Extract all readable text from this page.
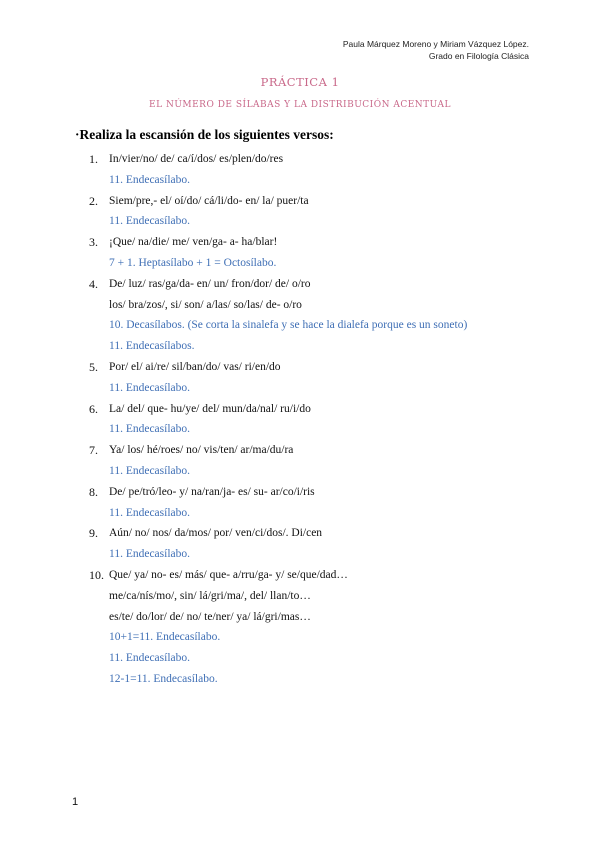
Paula Márquez Moreno y Miriam Vázquez López.
Grado en Filología Clásica
PRÁCTICA 1
EL NÚMERO DE SÍLABAS Y LA DISTRIBUCIÓN ACENTUAL
·Realiza la escansión de los siguientes versos:
1. In/vier/no/ de/ ca/í/dos/ es/plen/do/res
11. Endecasílabo.
2. Siem/pre,- el/ oí/do/ cá/li/do- en/ la/ puer/ta
11. Endecasílabo.
3. ¡Que/ na/die/ me/ ven/ga- a- ha/blar!
7 + 1. Heptasílabo + 1 = Octosílabo.
4. De/ luz/ ras/ga/da- en/ un/ fron/dor/ de/ o/ro
los/ bra/zos/, si/ son/ a/las/ so/las/ de- o/ro
10. Decasílabos. (Se corta la sinalefa y se hace la dialefa porque es un soneto)
11. Endecasílabos.
5. Por/ el/ ai/re/ sil/ban/do/ vas/ ri/en/do
11. Endecasílabo.
6. La/ del/ que- hu/ye/ del/ mun/da/nal/ ru/i/do
11. Endecasílabo.
7. Ya/ los/ hé/roes/ no/ vis/ten/ ar/ma/du/ra
11. Endecasílabo.
8. De/ pe/tró/leo- y/ na/ran/ja- es/ su- ar/co/i/ris
11. Endecasílabo.
9. Aún/ no/ nos/ da/mos/ por/ ven/ci/dos/. Di/cen
11. Endecasílabo.
10. Que/ ya/ no- es/ más/ que- a/rru/ga- y/ se/que/dad…
me/ca/nís/mo/, sin/ lá/gri/ma/, del/ llan/to…
es/te/ do/lor/ de/ no/ te/ner/ ya/ lá/gri/mas…
10+1=11. Endecasílabo.
11. Endecasílabo.
12-1=11. Endecasílabo.
1
